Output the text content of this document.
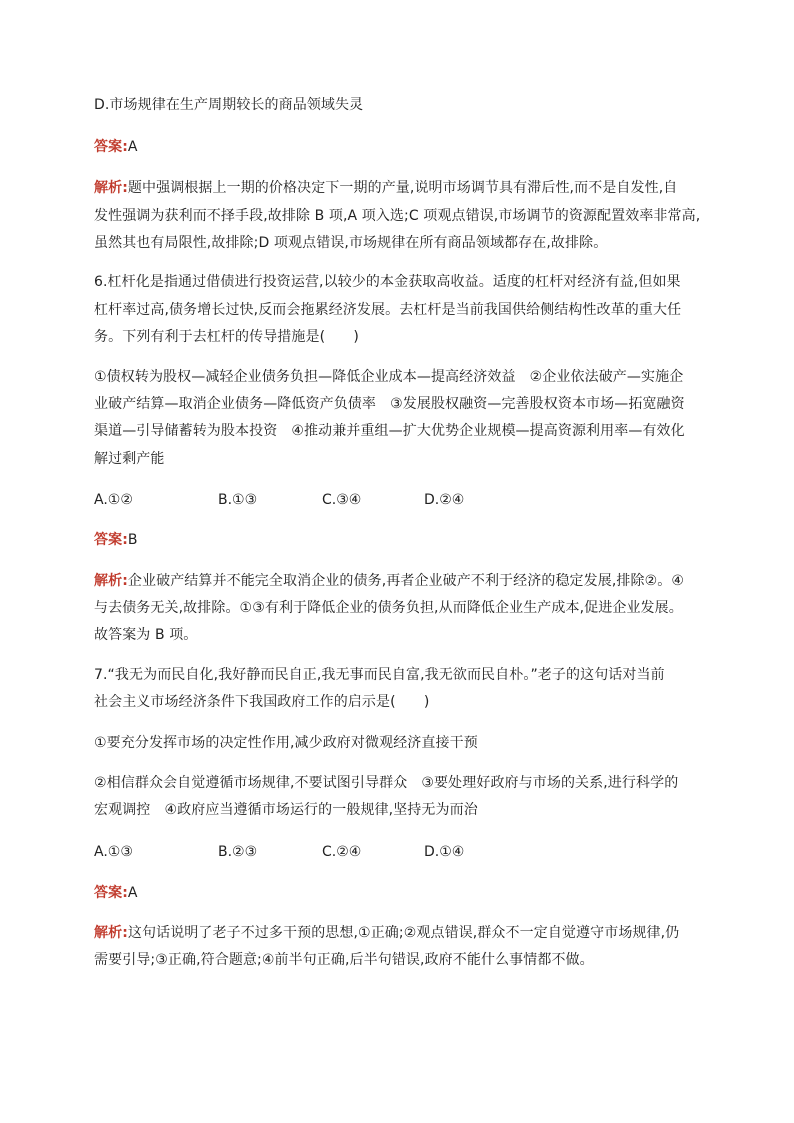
D.市场规律在生产周期较长的商品领域失灵
答案:A
解析:题中强调根据上一期的价格决定下一期的产量,说明市场调节具有滞后性,而不是自发性,自
发性强调为获利而不择手段,故排除 B 项,A 项入选;C 项观点错误,市场调节的资源配置效率非常高,
虽然其也有局限性,故排除;D 项观点错误,市场规律在所有商品领域都存在,故排除。
6.杠杆化是指通过借债进行投资运营,以较少的本金获取高收益。适度的杠杆对经济有益,但如果
杠杆率过高,债务增长过快,反而会拖累经济发展。去杠杆是当前我国供给侧结构性改革的重大任
务。下列有利于去杠杆的传导措施是(　　)
①债权转为股权—减轻企业债务负担—降低企业成本—提高经济效益　②企业依法破产—实施企
业破产结算—取消企业债务—降低资产负债率　③发展股权融资—完善股权资本市场—拓宽融资
渠道—引导储蓄转为股本投资　④推动兼并重组—扩大优势企业规模—提高资源利用率—有效化
解过剩产能
A.①②	B.①③	C.③④	D.②④
答案:B
解析:企业破产结算并不能完全取消企业的债务,再者企业破产不利于经济的稳定发展,排除②。④
与去债务无关,故排除。①③有利于降低企业的债务负担,从而降低企业生产成本,促进企业发展。
故答案为 B 项。
7.“我无为而民自化,我好静而民自正,我无事而民自富,我无欲而民自朴。”老子的这句话对当前
社会主义市场经济条件下我国政府工作的启示是(　　)
①要充分发挥市场的决定性作用,减少政府对微观经济直接干预
②相信群众会自觉遵循市场规律,不要试图引导群众　③要处理好政府与市场的关系,进行科学的
宏观调控　④政府应当遵循市场运行的一般规律,坚持无为而治
A.①③	B.②③	C.②④	D.①④
答案:A
解析:这句话说明了老子不过多干预的思想,①正确;②观点错误,群众不一定自觉遵守市场规律,仍
需要引导;③正确,符合题意;④前半句正确,后半句错误,政府不能什么事情都不做。
